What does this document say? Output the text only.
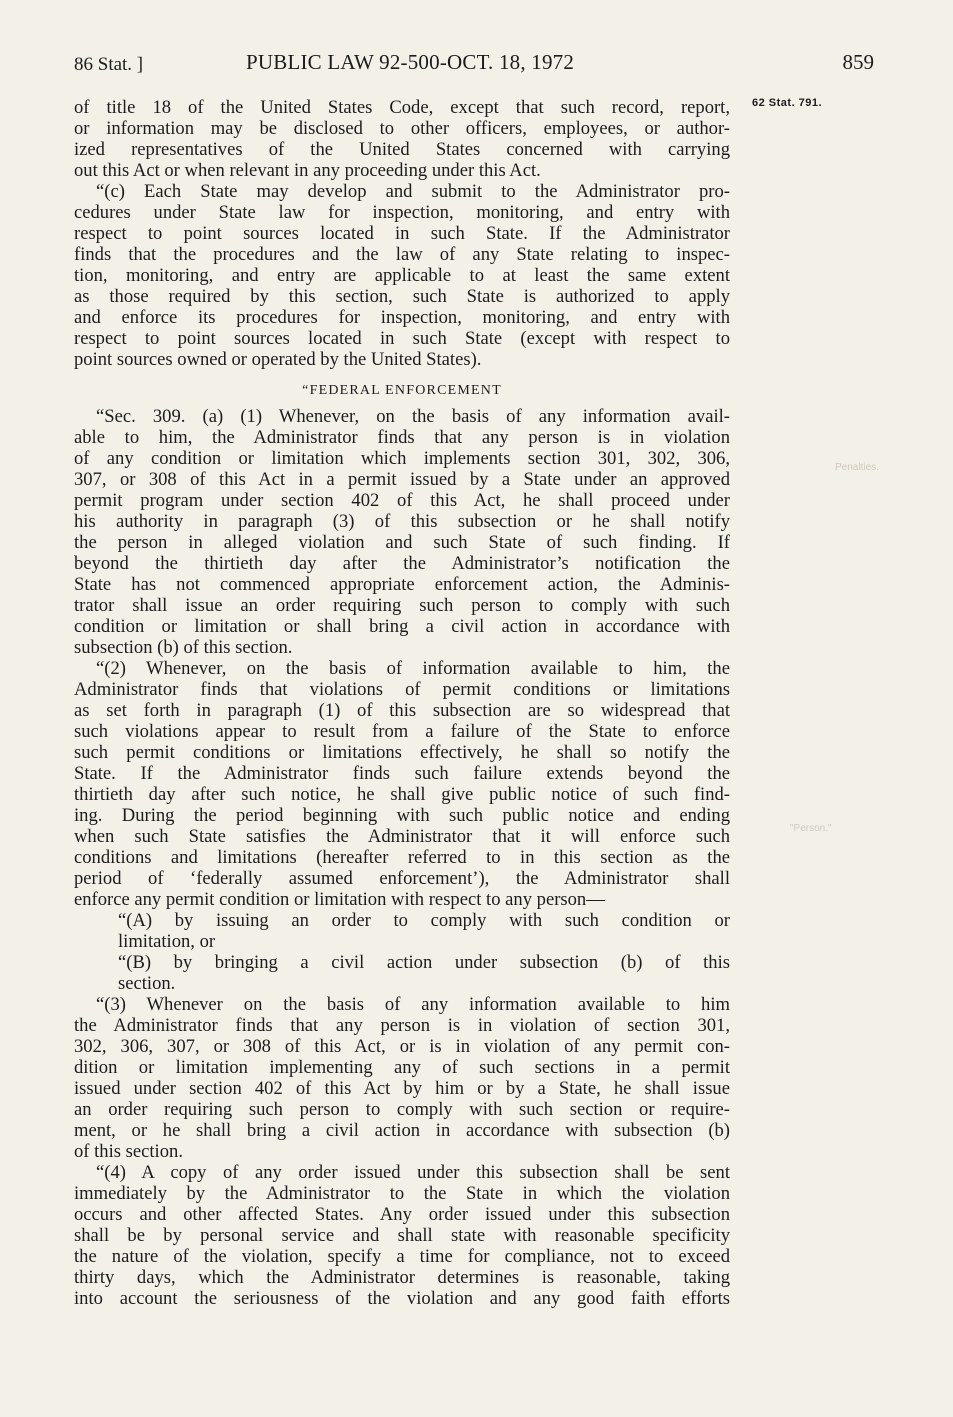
86 Stat. ]	PUBLIC LAW 92-500-OCT. 18, 1972	859
62 Stat. 791.
Penalties.
"Person."
of title 18 of the United States Code, except that such record, report,
or information may be disclosed to other officers, employees, or author-
ized representatives of the United States concerned with carrying
out this Act or when relevant in any proceeding under this Act.
“(c) Each State may develop and submit to the Administrator pro-
cedures under State law for inspection, monitoring, and entry with
respect to point sources located in such State. If the Administrator
finds that the procedures and the law of any State relating to inspec-
tion, monitoring, and entry are applicable to at least the same extent
as those required by this section, such State is authorized to apply
and enforce its procedures for inspection, monitoring, and entry with
respect to point sources located in such State (except with respect to
point sources owned or operated by the United States).
“FEDERAL ENFORCEMENT
“Sec. 309. (a) (1) Whenever, on the basis of any information avail-
able to him, the Administrator finds that any person is in violation
of any condition or limitation which implements section 301, 302, 306,
307, or 308 of this Act in a permit issued by a State under an approved
permit program under section 402 of this Act, he shall proceed under
his authority in paragraph (3) of this subsection or he shall notify
the person in alleged violation and such State of such finding. If
beyond the thirtieth day after the Administrator’s notification the
State has not commenced appropriate enforcement action, the Adminis-
trator shall issue an order requiring such person to comply with such
condition or limitation or shall bring a civil action in accordance with
subsection (b) of this section.
“(2) Whenever, on the basis of information available to him, the
Administrator finds that violations of permit conditions or limitations
as set forth in paragraph (1) of this subsection are so widespread that
such violations appear to result from a failure of the State to enforce
such permit conditions or limitations effectively, he shall so notify the
State. If the Administrator finds such failure extends beyond the
thirtieth day after such notice, he shall give public notice of such find-
ing. During the period beginning with such public notice and ending
when such State satisfies the Administrator that it will enforce such
conditions and limitations (hereafter referred to in this section as the
period of ‘federally assumed enforcement’), the Administrator shall
enforce any permit condition or limitation with respect to any person—
“(A) by issuing an order to comply with such condition or
limitation, or
“(B) by bringing a civil action under subsection (b) of this
section.
“(3) Whenever on the basis of any information available to him
the Administrator finds that any person is in violation of section 301,
302, 306, 307, or 308 of this Act, or is in violation of any permit con-
dition or limitation implementing any of such sections in a permit
issued under section 402 of this Act by him or by a State, he shall issue
an order requiring such person to comply with such section or require-
ment, or he shall bring a civil action in accordance with subsection (b)
of this section.
“(4) A copy of any order issued under this subsection shall be sent
immediately by the Administrator to the State in which the violation
occurs and other affected States. Any order issued under this subsection
shall be by personal service and shall state with reasonable specificity
the nature of the violation, specify a time for compliance, not to exceed
thirty days, which the Administrator determines is reasonable, taking
into account the seriousness of the violation and any good faith efforts
